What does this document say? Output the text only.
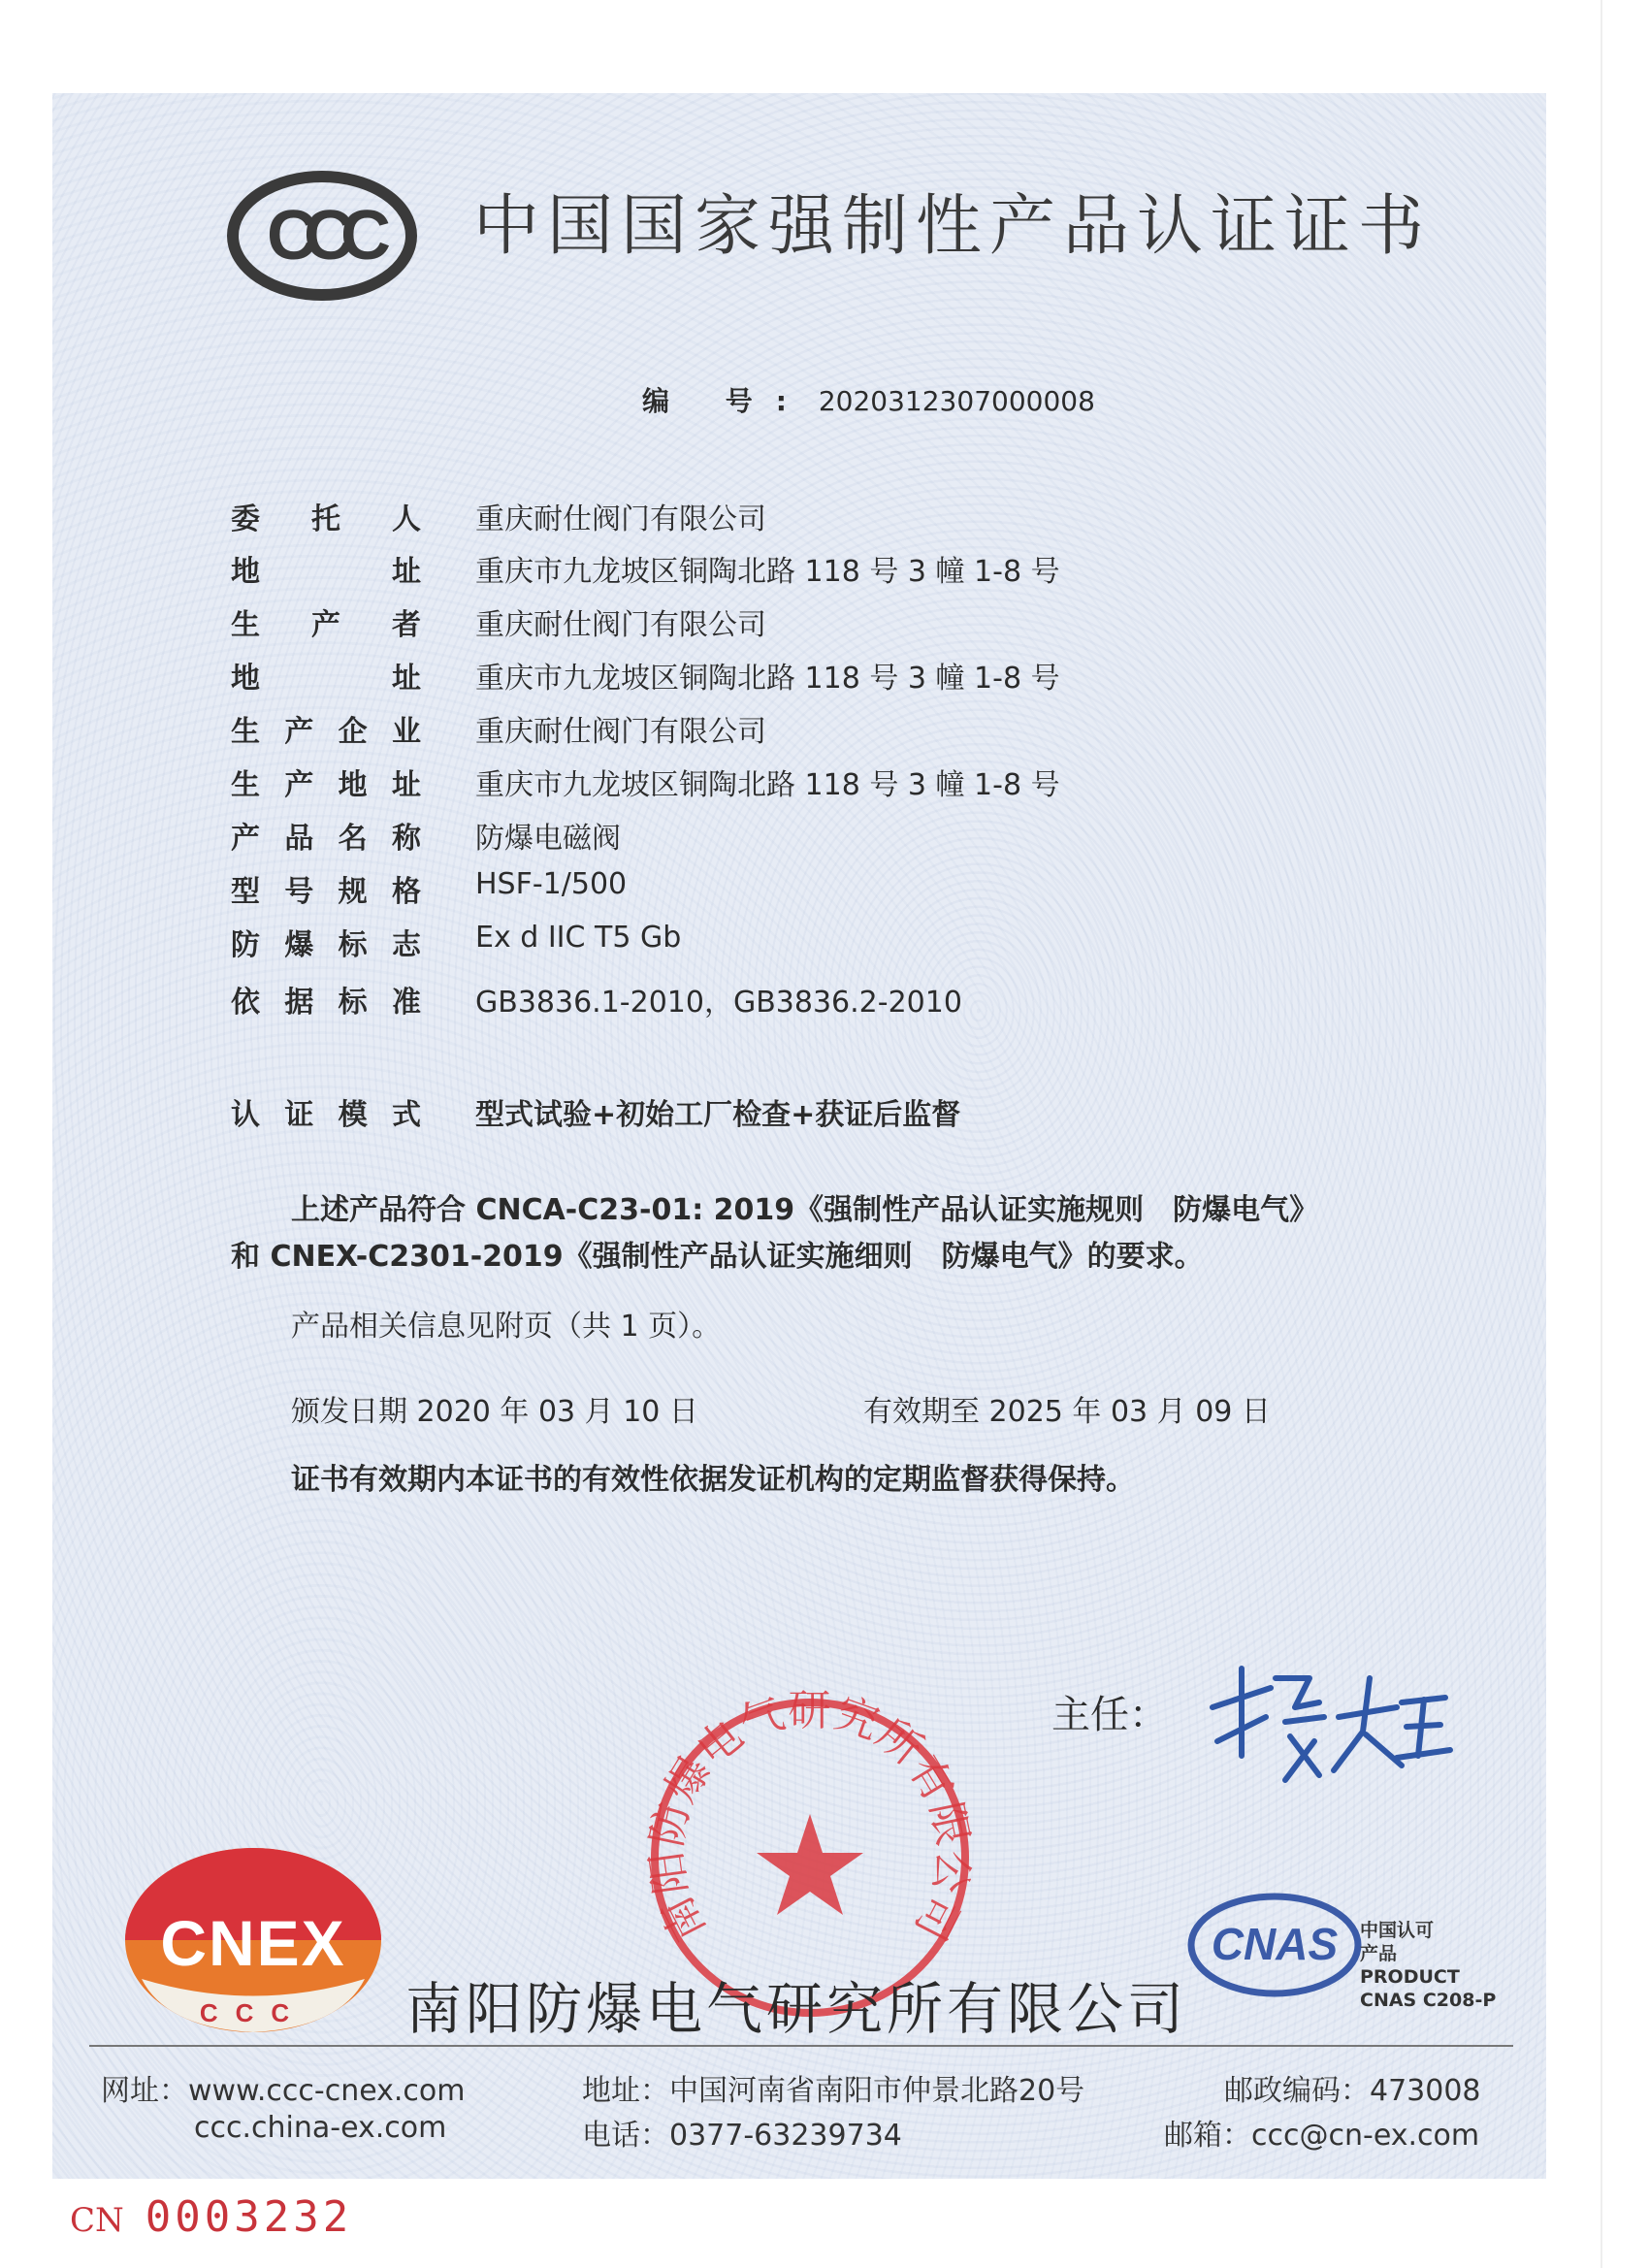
CCC 中国国家强制性产品认证证书
编 号: 2020312307000008
委 托 人 重庆耐仕阀门有限公司
地	址 重庆市九龙坡区铜陶北路 118 号 3 幢 1-8 号
生 产 者 重庆耐仕阀门有限公司
地	址 重庆市九龙坡区铜陶北路 118 号 3 幢 1-8 号
生 产 企 业 重庆耐仕阀门有限公司
生 产 地 址 重庆市九龙坡区铜陶北路 118 号 3 幢 1-8 号
产 品 名 称 防爆电磁阀
型 号 规 格 HSF-1/500
防 爆 标 志 Ex d IIC T5 Gb
依 据 标 准 GB3836.1-2010，GB3836.2-2010
认 证 模 式 型式试验+初始工厂检查+获证后监督
上述产品符合 CNCA-C23-01: 2019《强制性产品认证实施规则　防爆电气》
和 CNEX-C2301-2019《强制性产品认证实施细则　防爆电气》的要求。
产品相关信息见附页（共 1 页）。
颁发日期 2020 年 03 月 10 日	有效期至 2025 年 03 月 09 日
证书有效期内本证书的有效性依据发证机构的定期监督获得保持。
南阳防爆电气研究所有限公司
主任：
CNEX
CCC 南阳防爆电气研究所有限公司
CNAS 中国认可
产品
PRODUCT
CNAS C208-P
网址：www.ccc-cnex.com
ccc.china-ex.com
地址：中国河南省南阳市仲景北路20号
电话：0377-63239734
邮政编码：473008
邮箱：ccc@cn-ex.com
CN 0003232
